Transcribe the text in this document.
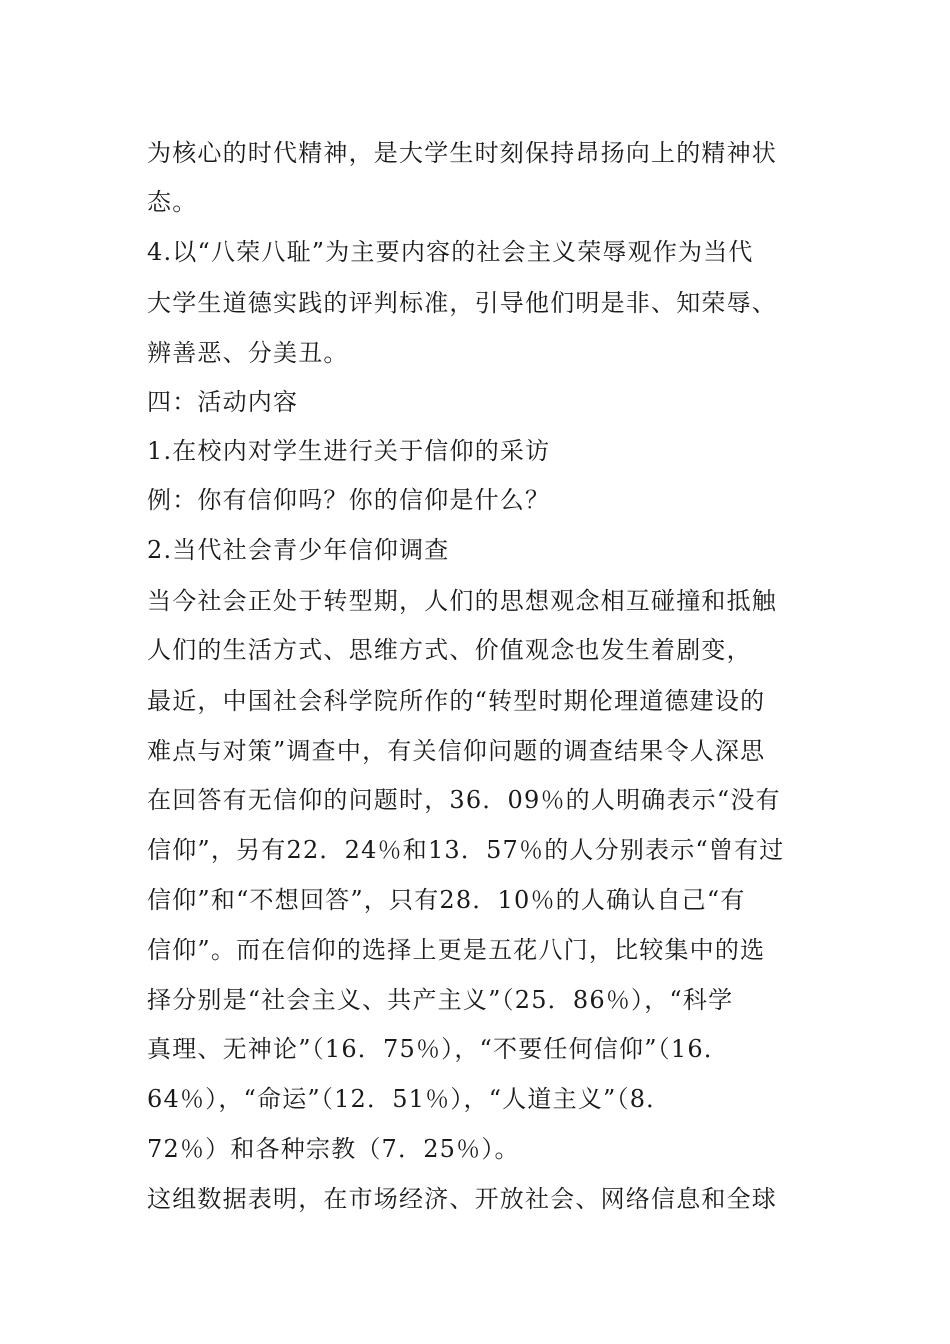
为核心的时代精神，是大学生时刻保持昂扬向上的精神状
态。
4.以“八荣八耻”为主要内容的社会主义荣辱观作为当代
大学生道德实践的评判标准，引导他们明是非、知荣辱、
辨善恶、分美丑。
四：活动内容
1.在校内对学生进行关于信仰的采访
例：你有信仰吗？你的信仰是什么？
2.当代社会青少年信仰调查
当今社会正处于转型期，人们的思想观念相互碰撞和抵触
人们的生活方式、思维方式、价值观念也发生着剧变，
最近，中国社会科学院所作的“转型时期伦理道德建设的
难点与对策”调查中，有关信仰问题的调查结果令人深思
在回答有无信仰的问题时，36．09％的人明确表示“没有
信仰”，另有22．24％和13．57％的人分别表示“曾有过
信仰”和“不想回答”，只有28．10％的人确认自己“有
信仰”。而在信仰的选择上更是五花八门，比较集中的选
择分别是“社会主义、共产主义”（25．86％），“科学
真理、无神论”（16．75％），“不要任何信仰”（16．
64％），“命运”（12．51％），“人道主义”（8．
72％）和各种宗教（7．25％）。
这组数据表明，在市场经济、开放社会、网络信息和全球
